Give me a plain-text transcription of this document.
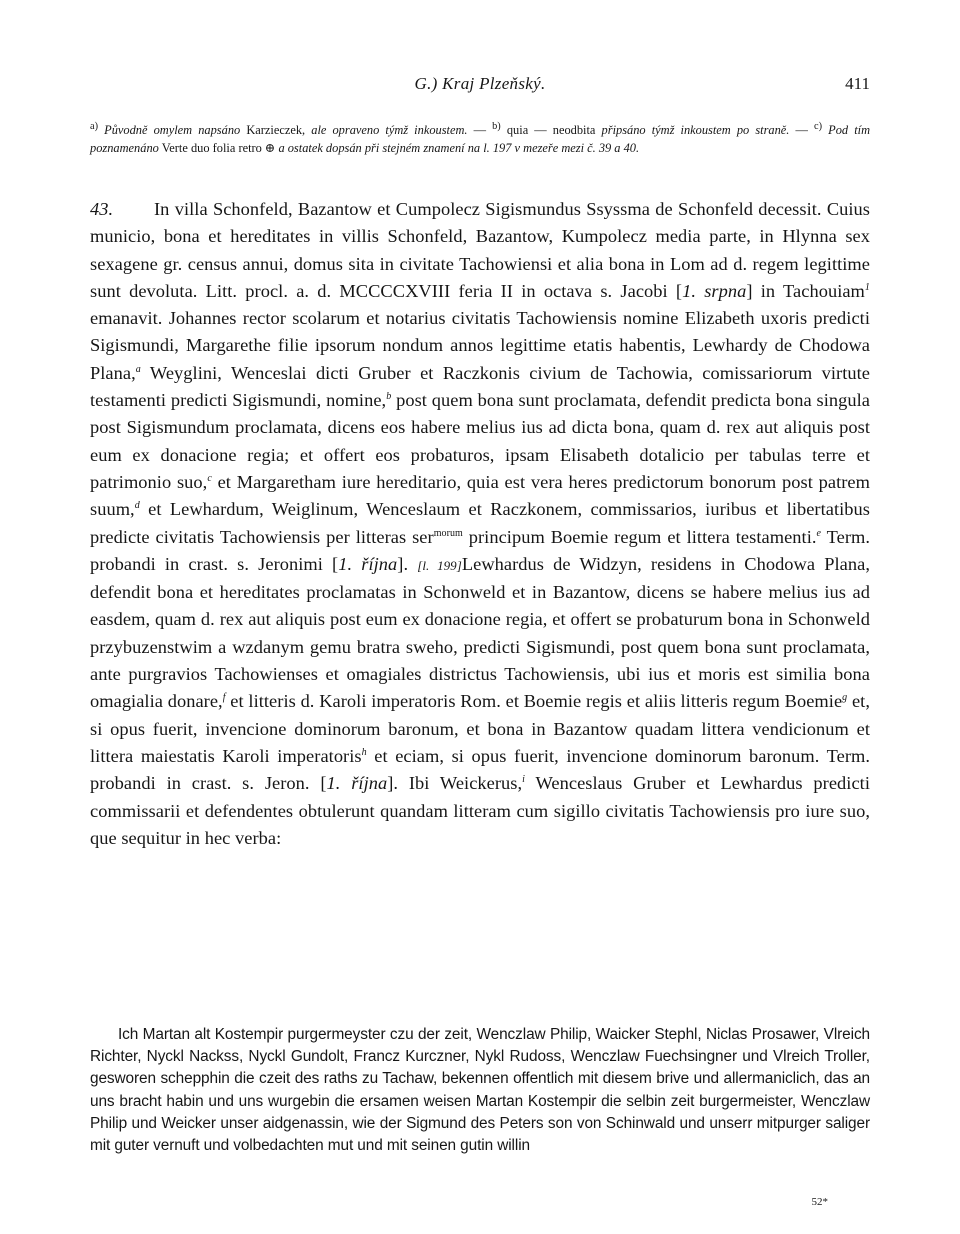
G.) Kraj Plzeňský.	411
$^{a)}$ Původně omylem napsáno Karzieczek, ale opraveno týmž inkoustem. — $^{b)}$ quia — neodbita připsáno týmž inkoustem po straně. — $^{c)}$ Pod tím poznamenáno Verte duo folia retro ⊕ a ostatek dopsán při stejném znamení na l. 197 v mezeře mezi č. 39 a 40.
43. In villa Schonfeld, Bazantow et Cumpolecz Sigismundus Ssyssma de Schonfeld decessit. Cuius municio, bona et hereditates in villis Schonfeld, Bazantow, Kumpolecz media parte, in Hlynna sex sexagene gr. census annui, domus sita in civitate Tachowiensi et alia bona in Lom ad d. regem legittime sunt devoluta. Litt. procl. a. d. MCCCCXVIII feria II in octava s. Jacobi [1. srpna] in Tachouiam$^1$ emanavit. Johannes rector scolarum et notarius civitatis Tachowiensis nomine Elizabeth uxoris predicti Sigismundi, Margarethe filie ipsorum nondum annos legittime etatis habentis, Lewhardy de Chodowa Plana,$^a$ Weyglini, Wenceslai dicti Gruber et Raczkonis civium de Tachowia, comissariorum virtute testamenti predicti Sigismundi, nomine,$^b$ post quem bona sunt proclamata, defendit predicta bona singula post Sigismundum proclamata, dicens eos habere melius ius ad dicta bona, quam d. rex aut aliquis post eum ex donacione regia; et offert eos probaturos, ipsam Elisabeth dotalicio per tabulas terre et patrimonio suo,$^c$ et Margaretham iure hereditario, quia est vera heres predictorum bonorum post patrem suum,$^d$ et Lewhardum, Weiglinum, Wenceslaum et Raczkonem, commissarios, iuribus et libertatibus predicte civitatis Tachowiensis per litteras ser$^{morum}$ principum Boemie regum et littera testamenti.$^e$ Term. probandi in crast. s. Jeronimi [1. října]. [l. 199]Lewhardus de Widzyn, residens in Chodowa Plana, defendit bona et hereditates proclamatas in Schonweld et in Bazantow, dicens se habere melius ius ad easdem, quam d. rex aut aliquis post eum ex donacione regia, et offert se probaturum bona in Schonweld przybuzenstwim a wzdanym gemu bratra sweho, predicti Sigismundi, post quem bona sunt proclamata, ante purgravios Tachowienses et omagiales districtus Tachowiensis, ubi ius et moris est similia bona omagialia donare,$^f$ et litteris d. Karoli imperatoris Rom. et Boemie regis et aliis litteris regum Boemie$^g$ et, si opus fuerit, invencione dominorum baronum, et bona in Bazantow quadam littera vendicionum et littera maiestatis Karoli imperatoris$^h$ et eciam, si opus fuerit, invencione dominorum baronum. Term. probandi in crast. s. Jeron. [1. října]. Ibi Weickerus,$^i$ Wenceslaus Gruber et Lewhardus predicti commissarii et defendentes obtulerunt quandam litteram cum sigillo civitatis Tachowiensis pro iure suo, que sequitur in hec verba:
Ich Martan alt Kostempir purgermeyster czu der zeit, Wenczlaw Philip, Waicker Stephl, Niclas Prosawer, Vlreich Richter, Nyckl Nackss, Nyckl Gundolt, Francz Kurczner, Nykl Rudoss, Wenczlaw Fuechsingner und Vlreich Troller, gesworen schepphin die czeit des raths zu Tachaw, bekennen offentlich mit diesem brive und allermaniclich, das an uns bracht habin und uns wurgebin die ersamen weisen Martan Kostempir die selbin zeit burgermeister, Wenczlaw Philip und Weicker unser aidgenassin, wie der Sigmund des Peters son von Schinwald und unserr mitpurger saliger mit guter vernuft und volbedachten mut und mit seinen gutin willin
52*
